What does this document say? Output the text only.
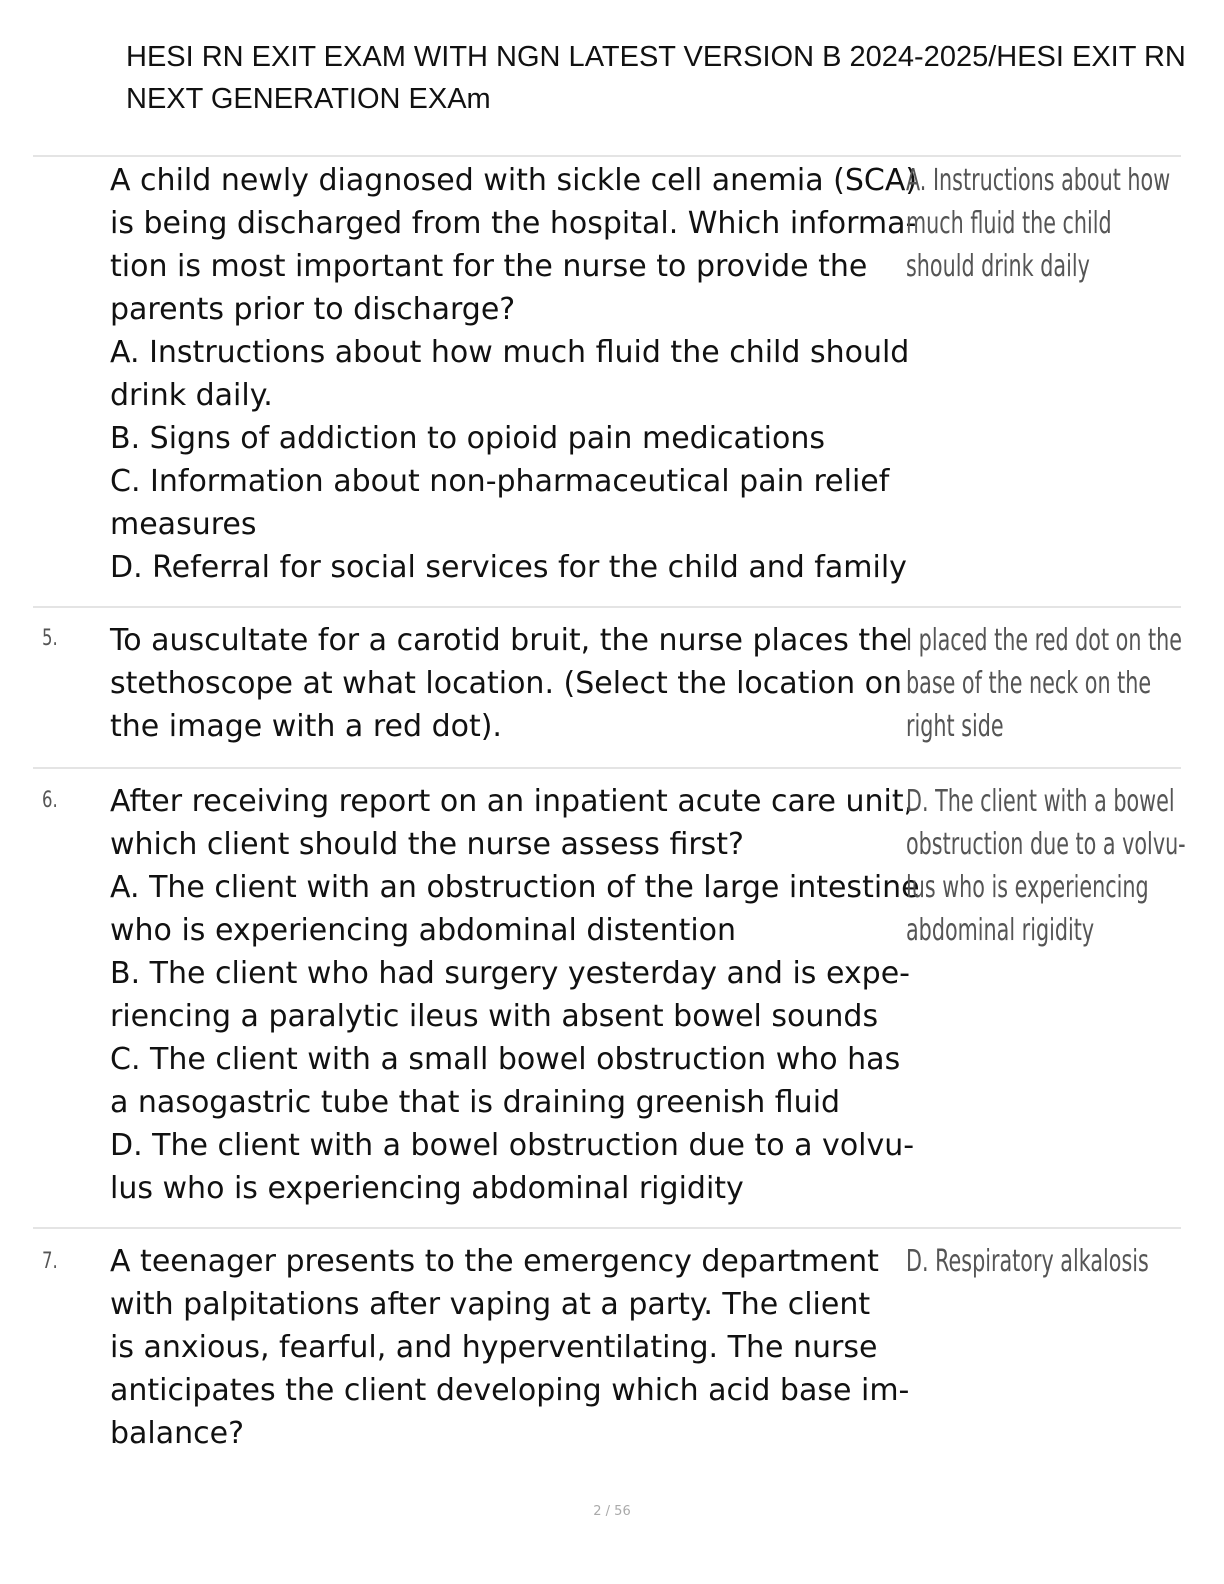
HESI RN EXIT EXAM WITH NGN LATEST VERSION B 2024-2025/HESI EXIT RN
NEXT GENERATION EXAm
A child newly diagnosed with sickle cell anemia (SCA)
is being discharged from the hospital. Which informa-
tion is most important for the nurse to provide the
parents prior to discharge?
A. Instructions about how much fluid the child should
drink daily.
B. Signs of addiction to opioid pain medications
C. Information about non-pharmaceutical pain relief
measures
D. Referral for social services for the child and family
A. Instructions about how
much fluid the child
should drink daily
5.	To auscultate for a carotid bruit, the nurse places the
stethoscope at what location. (Select the location on
the image with a red dot).
I placed the red dot on the
base of the neck on the
right side
6.	After receiving report on an inpatient acute care unit,
which client should the nurse assess first?
A. The client with an obstruction of the large intestine
who is experiencing abdominal distention
B. The client who had surgery yesterday and is expe-
riencing a paralytic ileus with absent bowel sounds
C. The client with a small bowel obstruction who has
a nasogastric tube that is draining greenish fluid
D. The client with a bowel obstruction due to a volvu-
lus who is experiencing abdominal rigidity
D. The client with a bowel
obstruction due to a volvu-
lus who is experiencing
abdominal rigidity
7.	A teenager presents to the emergency department
with palpitations after vaping at a party. The client
is anxious, fearful, and hyperventilating. The nurse
anticipates the client developing which acid base im-
balance?
D. Respiratory alkalosis
2 / 56
